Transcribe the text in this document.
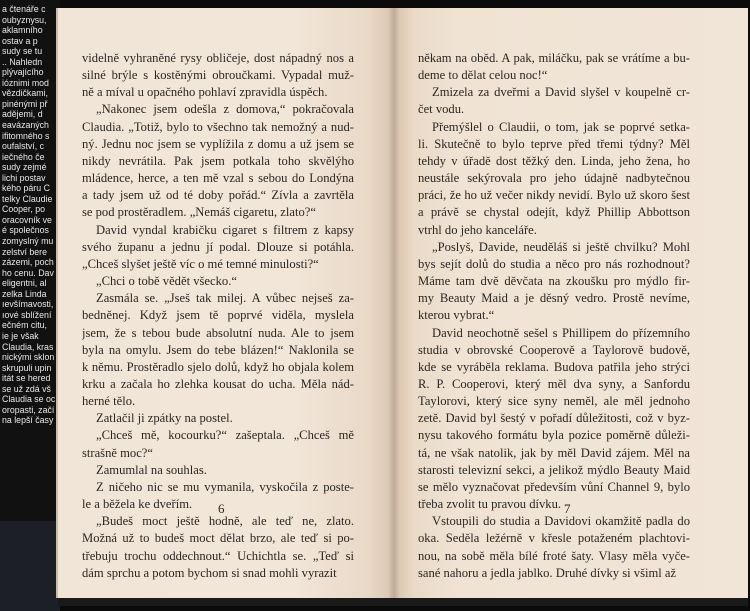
a čtenáře c
oubyznysu,
aklamního
ostav a p
sudy se tu
.. Nahledn
plývajícího
ióznimi mod
vězdičkami,
pinénými př
adějemi, d
eavázaných
ifitomného s
oufalství, c
iečného če
sudy zejmé
lichi postav
kého páru C
telky Claudie
Cooper, po
oracovník ve
é společnos
zomyslný mu
zelství bere
zázemi, poch
ho cenu. Dav
eligentni, al
zelka Linda
ıevšímavosti,
ıové sblížení
ečném citu,
ie je však
Claudia, kras
nickými sklon
skrupuli upin
itát se hered
se už zdá vš
Claudia se oc
oropasti, začí
na lepší časy
videlně vyhraněné rysy obličeje, dost nápadný nos a
silné brýle s kostěnými obroučkami. Vypadal muž-
ně a míval u opačného pohlaví zpravidla úspěch.
„Nakonec jsem odešla z domova,“ pokračovala
Claudia. „Totiž, bylo to všechno tak nemožný a nud-
ný. Jednu noc jsem se vyplížila z domu a už jsem se
nikdy nevrátila. Pak jsem potkala toho skvělýho
mládence, herce, a ten mě vzal s sebou do Londýna
a tady jsem už od té doby pořád.“ Zívla a zavrtěla
se pod prostěradlem. „Nemáš cigaretu, zlato?“
David vyndal krabičku cigaret s filtrem z kapsy
svého županu a jednu jí podal. Dlouze si potáhla.
„Chceš slyšet ještě víc o mé temné minulosti?“
„Chci o tobě vědět všecko.“
Zasmála se. „Jseš tak milej. A vůbec nejseš za-
bedněnej. Když jsem tě poprvé viděla, myslela
jsem, že s tebou bude absolutní nuda. Ale to jsem
byla na omylu. Jsem do tebe blázen!“ Naklonila se
k němu. Prostěradlo sjelo dolů, když ho objala kolem
krku a začala ho zlehka kousat do ucha. Měla nád-
herné tělo.
Zatlačil ji zpátky na postel.
„Chceš mě, kocourku?“ zašeptala. „Chceš mě
strašně moc?“
Zamumlal na souhlas.
Z ničeho nic se mu vymanila, vyskočila z poste-
le a běžela ke dveřím.
„Budeš moct ještě hodně, ale teď ne, zlato.
Možná už to budeš moct dělat brzo, ale teď si po-
třebuju trochu oddechnout.“ Uchichtla se. „Teď si
dám sprchu a potom bychom si snad mohli vyrazit
6
někam na oběd. A pak, miláčku, pak se vrátíme a bu-
deme to dělat celou noc!“
Zmizela za dveřmi a David slyšel v koupelně cr-
čet vodu.
Přemýšlel o Claudii, o tom, jak se poprvé setka-
li. Skutečně to bylo teprve před třemi týdny? Měl
tehdy v úřadě dost těžký den. Linda, jeho žena, ho
neustále sekýrovala pro jeho údajně nadbytečnou
práci, že ho už večer nikdy nevidí. Bylo už skoro šest
a právě se chystal odejít, když Phillip Abbottson
vtrhl do jeho kanceláře.
„Poslyš, Davide, neuděláš si ještě chvilku? Mohl
bys sejít dolů do studia a něco pro nás rozhodnout?
Máme tam dvě děvčata na zkoušku pro mýdlo fir-
my Beauty Maid a je děsný vedro. Prostě nevíme,
kterou vybrat.“
David neochotně sešel s Phillipem do přízemního
studia v obrovské Cooperově a Taylorově budově,
kde se vyráběla reklama. Budova patřila jeho strýci
R. P. Cooperovi, který měl dva syny, a Sanfordu
Taylorovi, který sice syny neměl, ale měl jednoho
zetě. David byl šestý v pořadí důležitosti, což v byz-
nysu takového formátu byla pozice poměrně důleži-
tá, ne však natolik, jak by měl David zájem. Měl na
starosti televizní sekci, a jelikož mýdlo Beauty Maid
se mělo vyznačovat především vůní Channel 9, bylo
třeba zvolit tu pravou dívku.
Vstoupili do studia a Davidovi okamžitě padla do
oka. Seděla ležérně v křesle potaženém plachtovi-
nou, na sobě měla bílé froté šaty. Vlasy měla vyče-
sané nahoru a jedla jablko. Druhé dívky si všiml až
7
